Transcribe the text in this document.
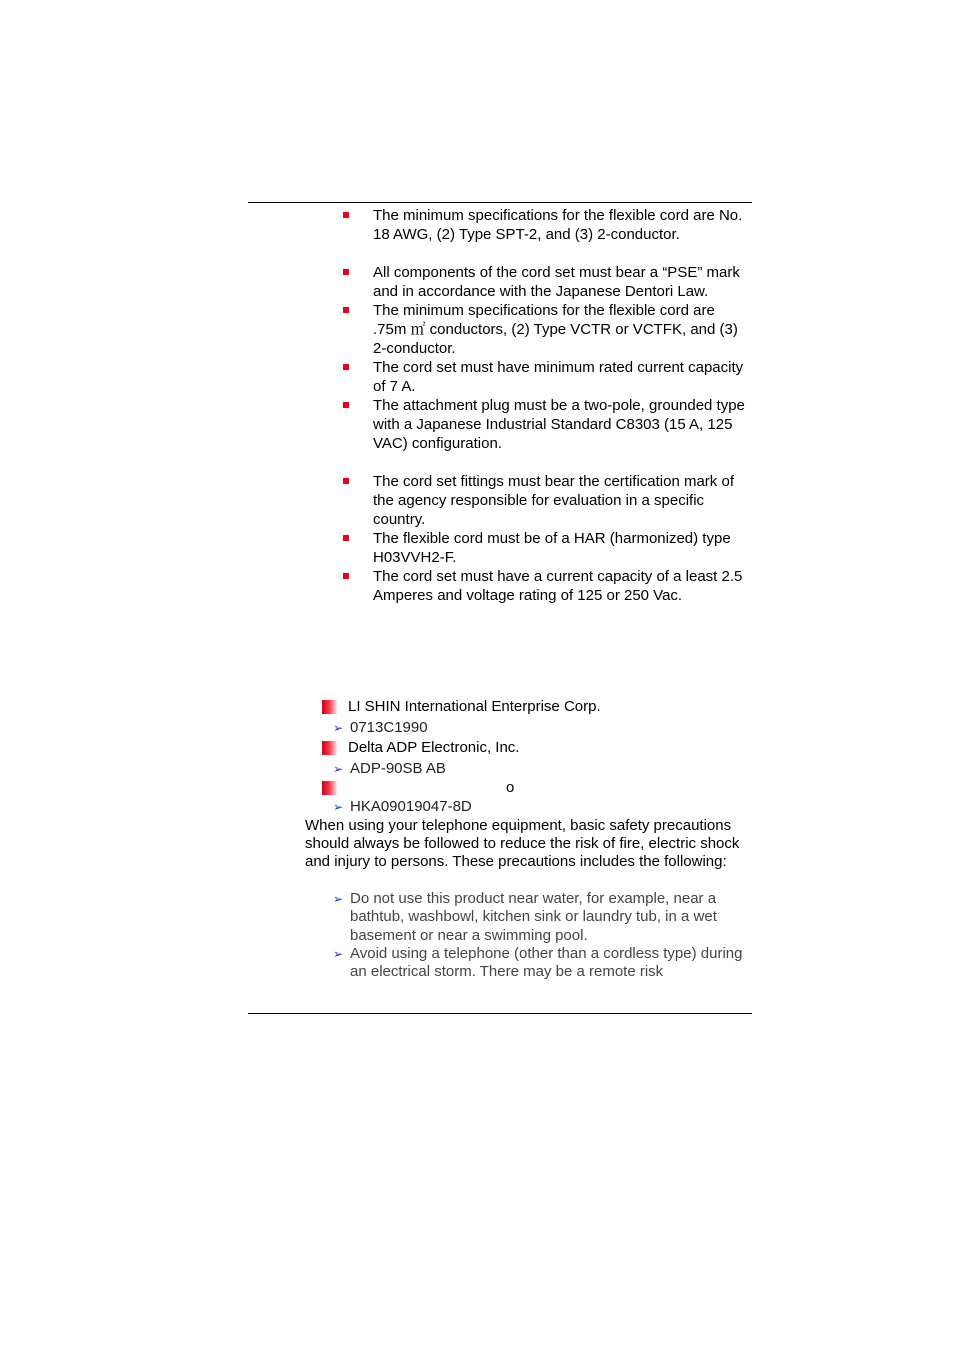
The minimum specifications for the flexible cord are No. 18 AWG, (2) Type SPT-2, and (3) 2-conductor.
All components of the cord set must bear a “PSE” mark and in accordance with the Japanese Dentori Law.
The minimum specifications for the flexible cord are .75m ㎡ conductors, (2) Type VCTR or VCTFK, and (3) 2-conductor.
The cord set must have minimum rated current capacity of 7 A.
The attachment plug must be a two-pole, grounded type with a Japanese Industrial Standard C8303 (15 A, 125 VAC) configuration.
The cord set fittings must bear the certification mark of the agency responsible for evaluation in a specific country.
The flexible cord must be of a HAR (harmonized) type H03VVH2-F.
The cord set must have a current capacity of a least 2.5 Amperes and voltage rating of 125 or 250 Vac.
LI SHIN International Enterprise Corp.
➢ 0713C1990
Delta ADP Electronic, Inc.
➢ ADP-90SB AB
o
➢ HKA09019047-8D
When using your telephone equipment, basic safety precautions should always be followed to reduce the risk of fire, electric shock and injury to persons. These precautions includes the following:
➢ Do not use this product near water, for example, near a bathtub, washbowl, kitchen sink or laundry tub, in a wet basement or near a swimming pool.
➢ Avoid using a telephone (other than a cordless type) during an electrical storm. There may be a remote risk
